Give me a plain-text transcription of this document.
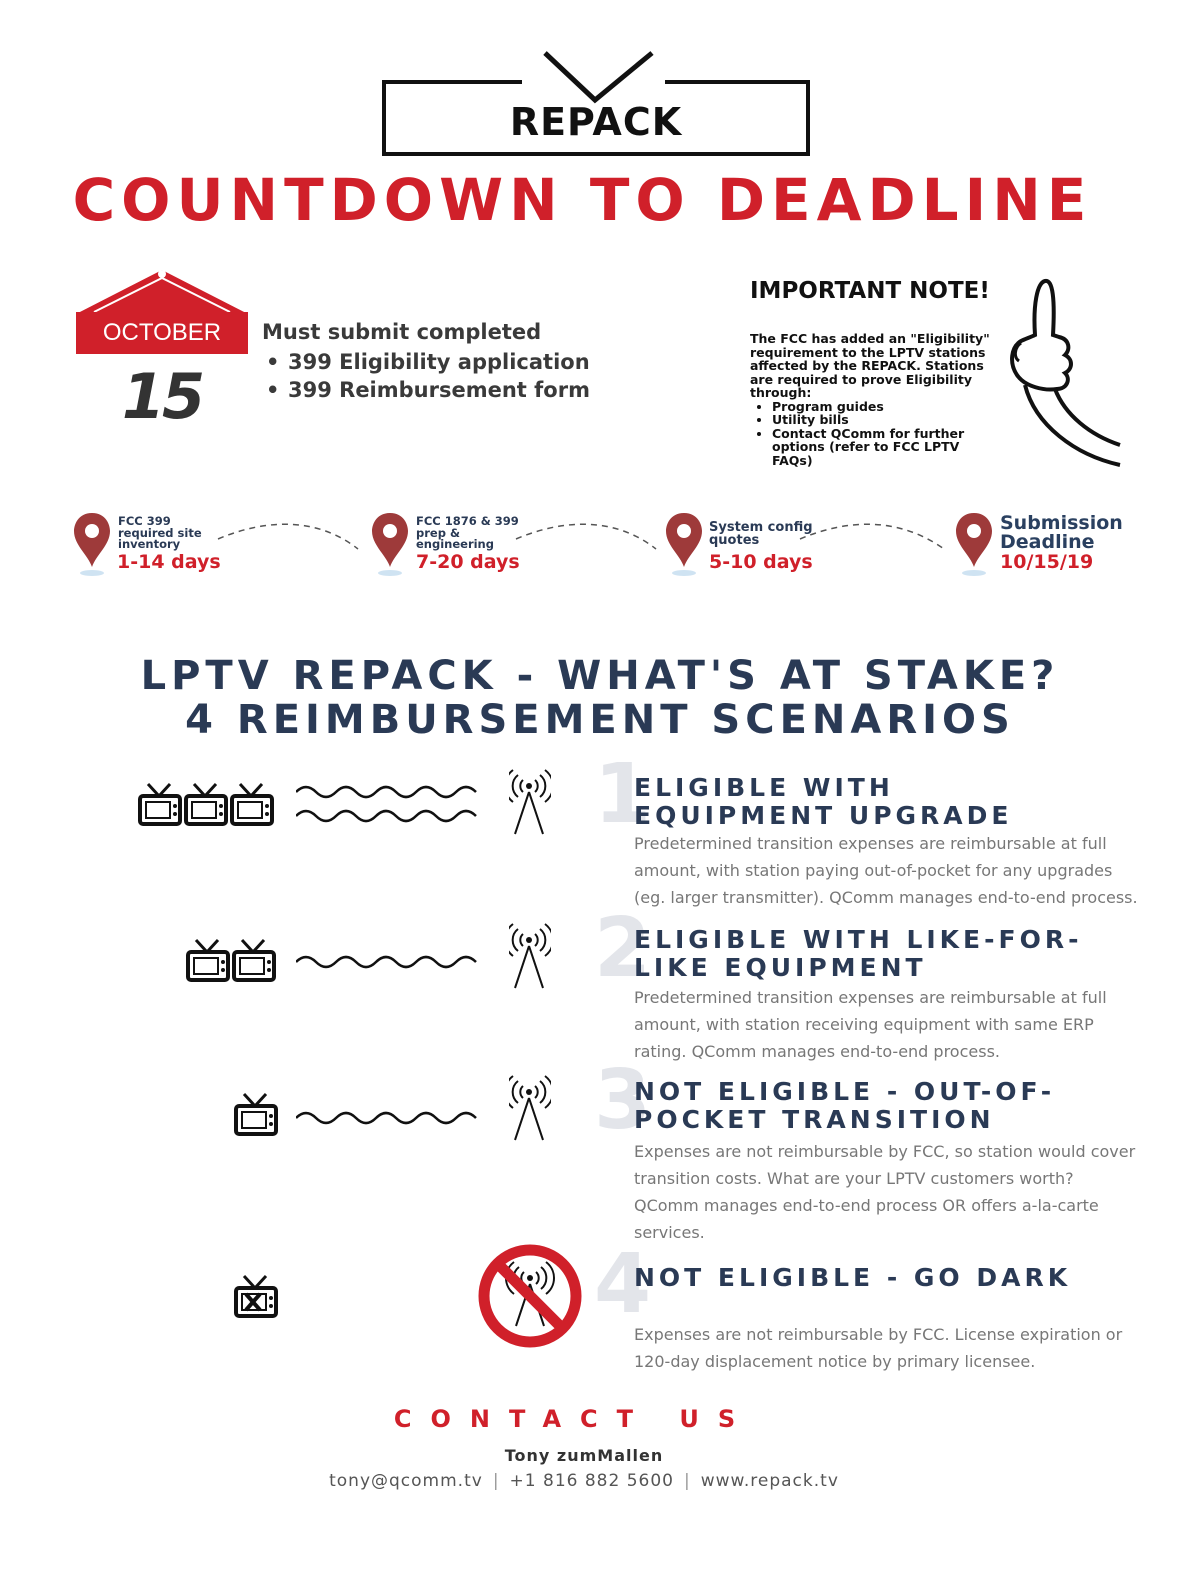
REPACK
COUNTDOWN TO DEADLINE
OCTOBER
15
Must submit completed
• 399 Eligibility application
• 399 Reimbursement form
IMPORTANT NOTE!
The FCC has added an "Eligibility" requirement to the LPTV stations affected by the REPACK. Stations are required to prove Eligibility through:
• Program guides
• Utility bills
• Contact QComm for further options (refer to FCC LPTV FAQs)
FCC 399 required site inventory
1-14 days
FCC 1876 & 399 prep & engineering
7-20 days
System config quotes
5-10 days
Submission Deadline
10/15/19
LPTV REPACK - WHAT'S AT STAKE?
4 REIMBURSEMENT SCENARIOS
1
ELIGIBLE WITH
EQUIPMENT UPGRADE
Predetermined transition expenses are reimbursable at full
amount, with station paying out-of-pocket for any upgrades
(eg. larger transmitter). QComm manages end-to-end process.
2
ELIGIBLE WITH LIKE-FOR-
LIKE EQUIPMENT
Predetermined transition expenses are reimbursable at full
amount, with station receiving equipment with same ERP
rating. QComm manages end-to-end process.
3
NOT ELIGIBLE - OUT-OF-
POCKET TRANSITION
Expenses are not reimbursable by FCC, so station would cover
transition costs. What are your LPTV customers worth?
QComm manages end-to-end process OR offers a-la-carte
services.
4
NOT ELIGIBLE - GO DARK
Expenses are not reimbursable by FCC. License expiration or
120-day displacement notice by primary licensee.
CONTACT US
Tony zumMallen
tony@qcomm.tv | +1 816 882 5600 | www.repack.tv
